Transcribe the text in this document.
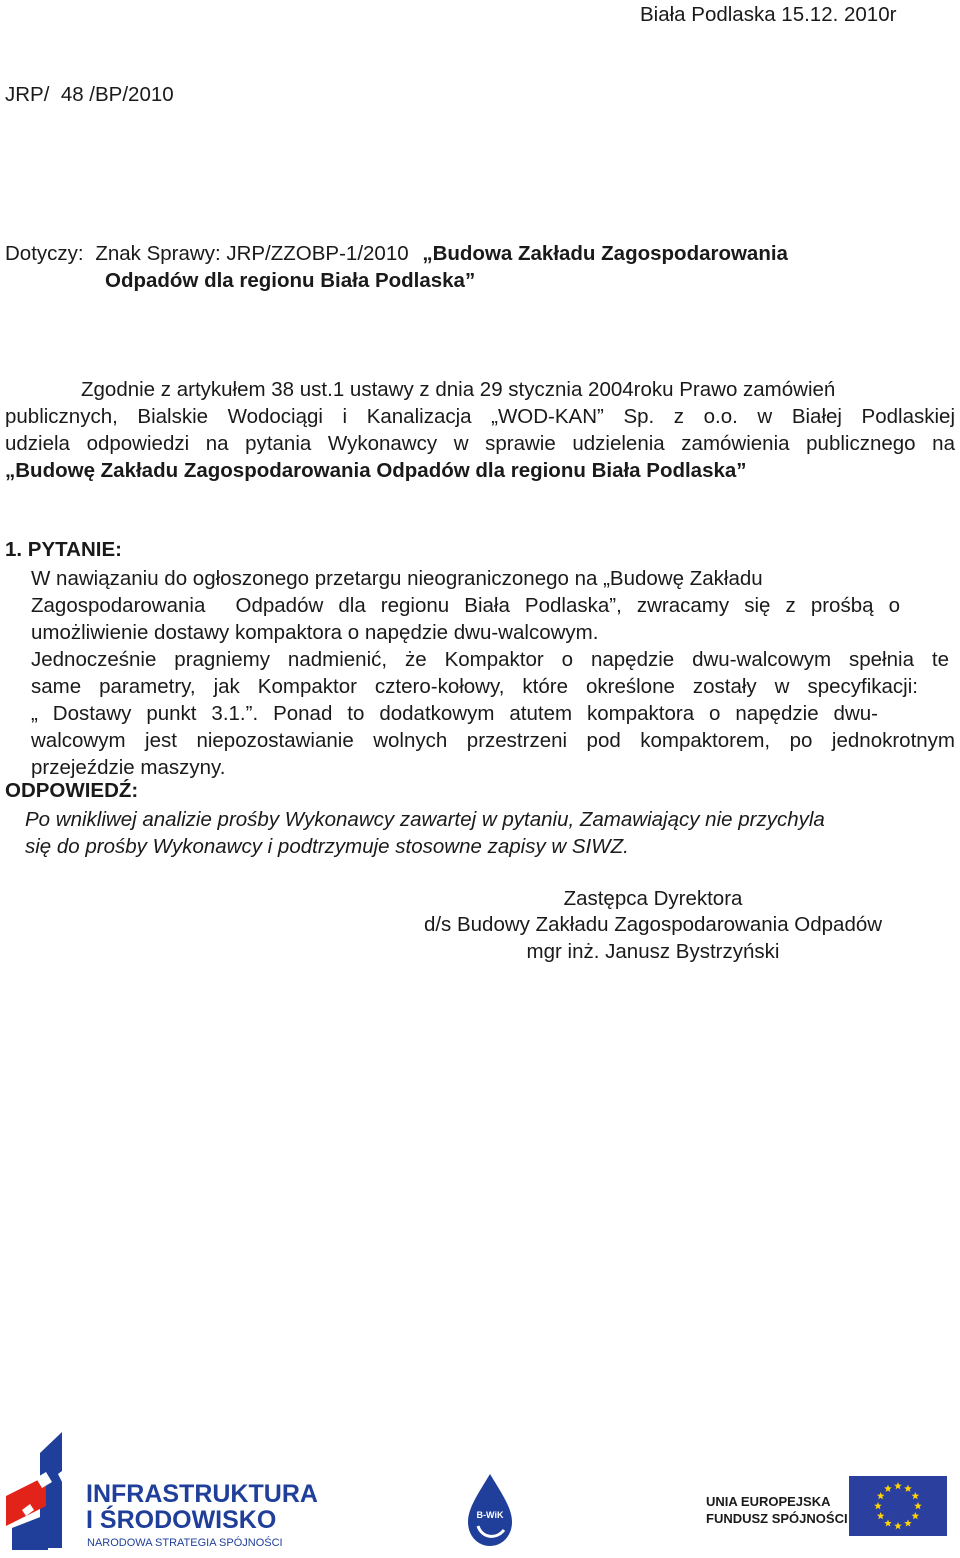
Biała Podlaska 15.12. 2010r
JRP/  48 /BP/2010
Dotyczy: Znak Sprawy: JRP/ZZOBP-1/2010 „Budowa Zakładu Zagospodarowania
Odpadów dla regionu Biała Podlaska”
Zgodnie z artykułem 38 ust.1 ustawy z dnia 29 stycznia 2004roku Prawo zamówień
publicznych, Bialskie Wodociągi i Kanalizacja „WOD-KAN” Sp. z o.o. w Białej Podlaskiej
udziela odpowiedzi na pytania Wykonawcy w sprawie udzielenia zamówienia publicznego na
„Budowę Zakładu Zagospodarowania Odpadów dla regionu Biała Podlaska”
1. PYTANIE:
W nawiązaniu do ogłoszonego przetargu nieograniczonego na „Budowę Zakładu
Zagospodarowania  Odpadów dla regionu Biała Podlaska”, zwracamy się z prośbą o
umożliwienie dostawy kompaktora o napędzie dwu-walcowym.
Jednocześnie pragniemy nadmienić, że Kompaktor o napędzie dwu-walcowym spełnia te
same parametry, jak Kompaktor cztero-kołowy, które określone zostały w specyfikacji:
„ Dostawy punkt 3.1.”. Ponad to dodatkowym atutem kompaktora o napędzie dwu-
walcowym jest niepozostawianie wolnych przestrzeni pod kompaktorem, po jednokrotnym
przejeździe maszyny.
ODPOWIEDŹ:
Po wnikliwej analizie prośby Wykonawcy zawartej w pytaniu, Zamawiający nie przychyla
się do prośby Wykonawcy i podtrzymuje stosowne zapisy w SIWZ.
Zastępca Dyrektora
d/s Budowy Zakładu Zagospodarowania Odpadów
mgr inż. Janusz Bystrzyński
INFRASTRUKTURA
I ŚRODOWISKO
NARODOWA STRATEGIA SPÓJNOŚCI
B-WiK
UNIA EUROPEJSKA
FUNDUSZ SPÓJNOŚCI
